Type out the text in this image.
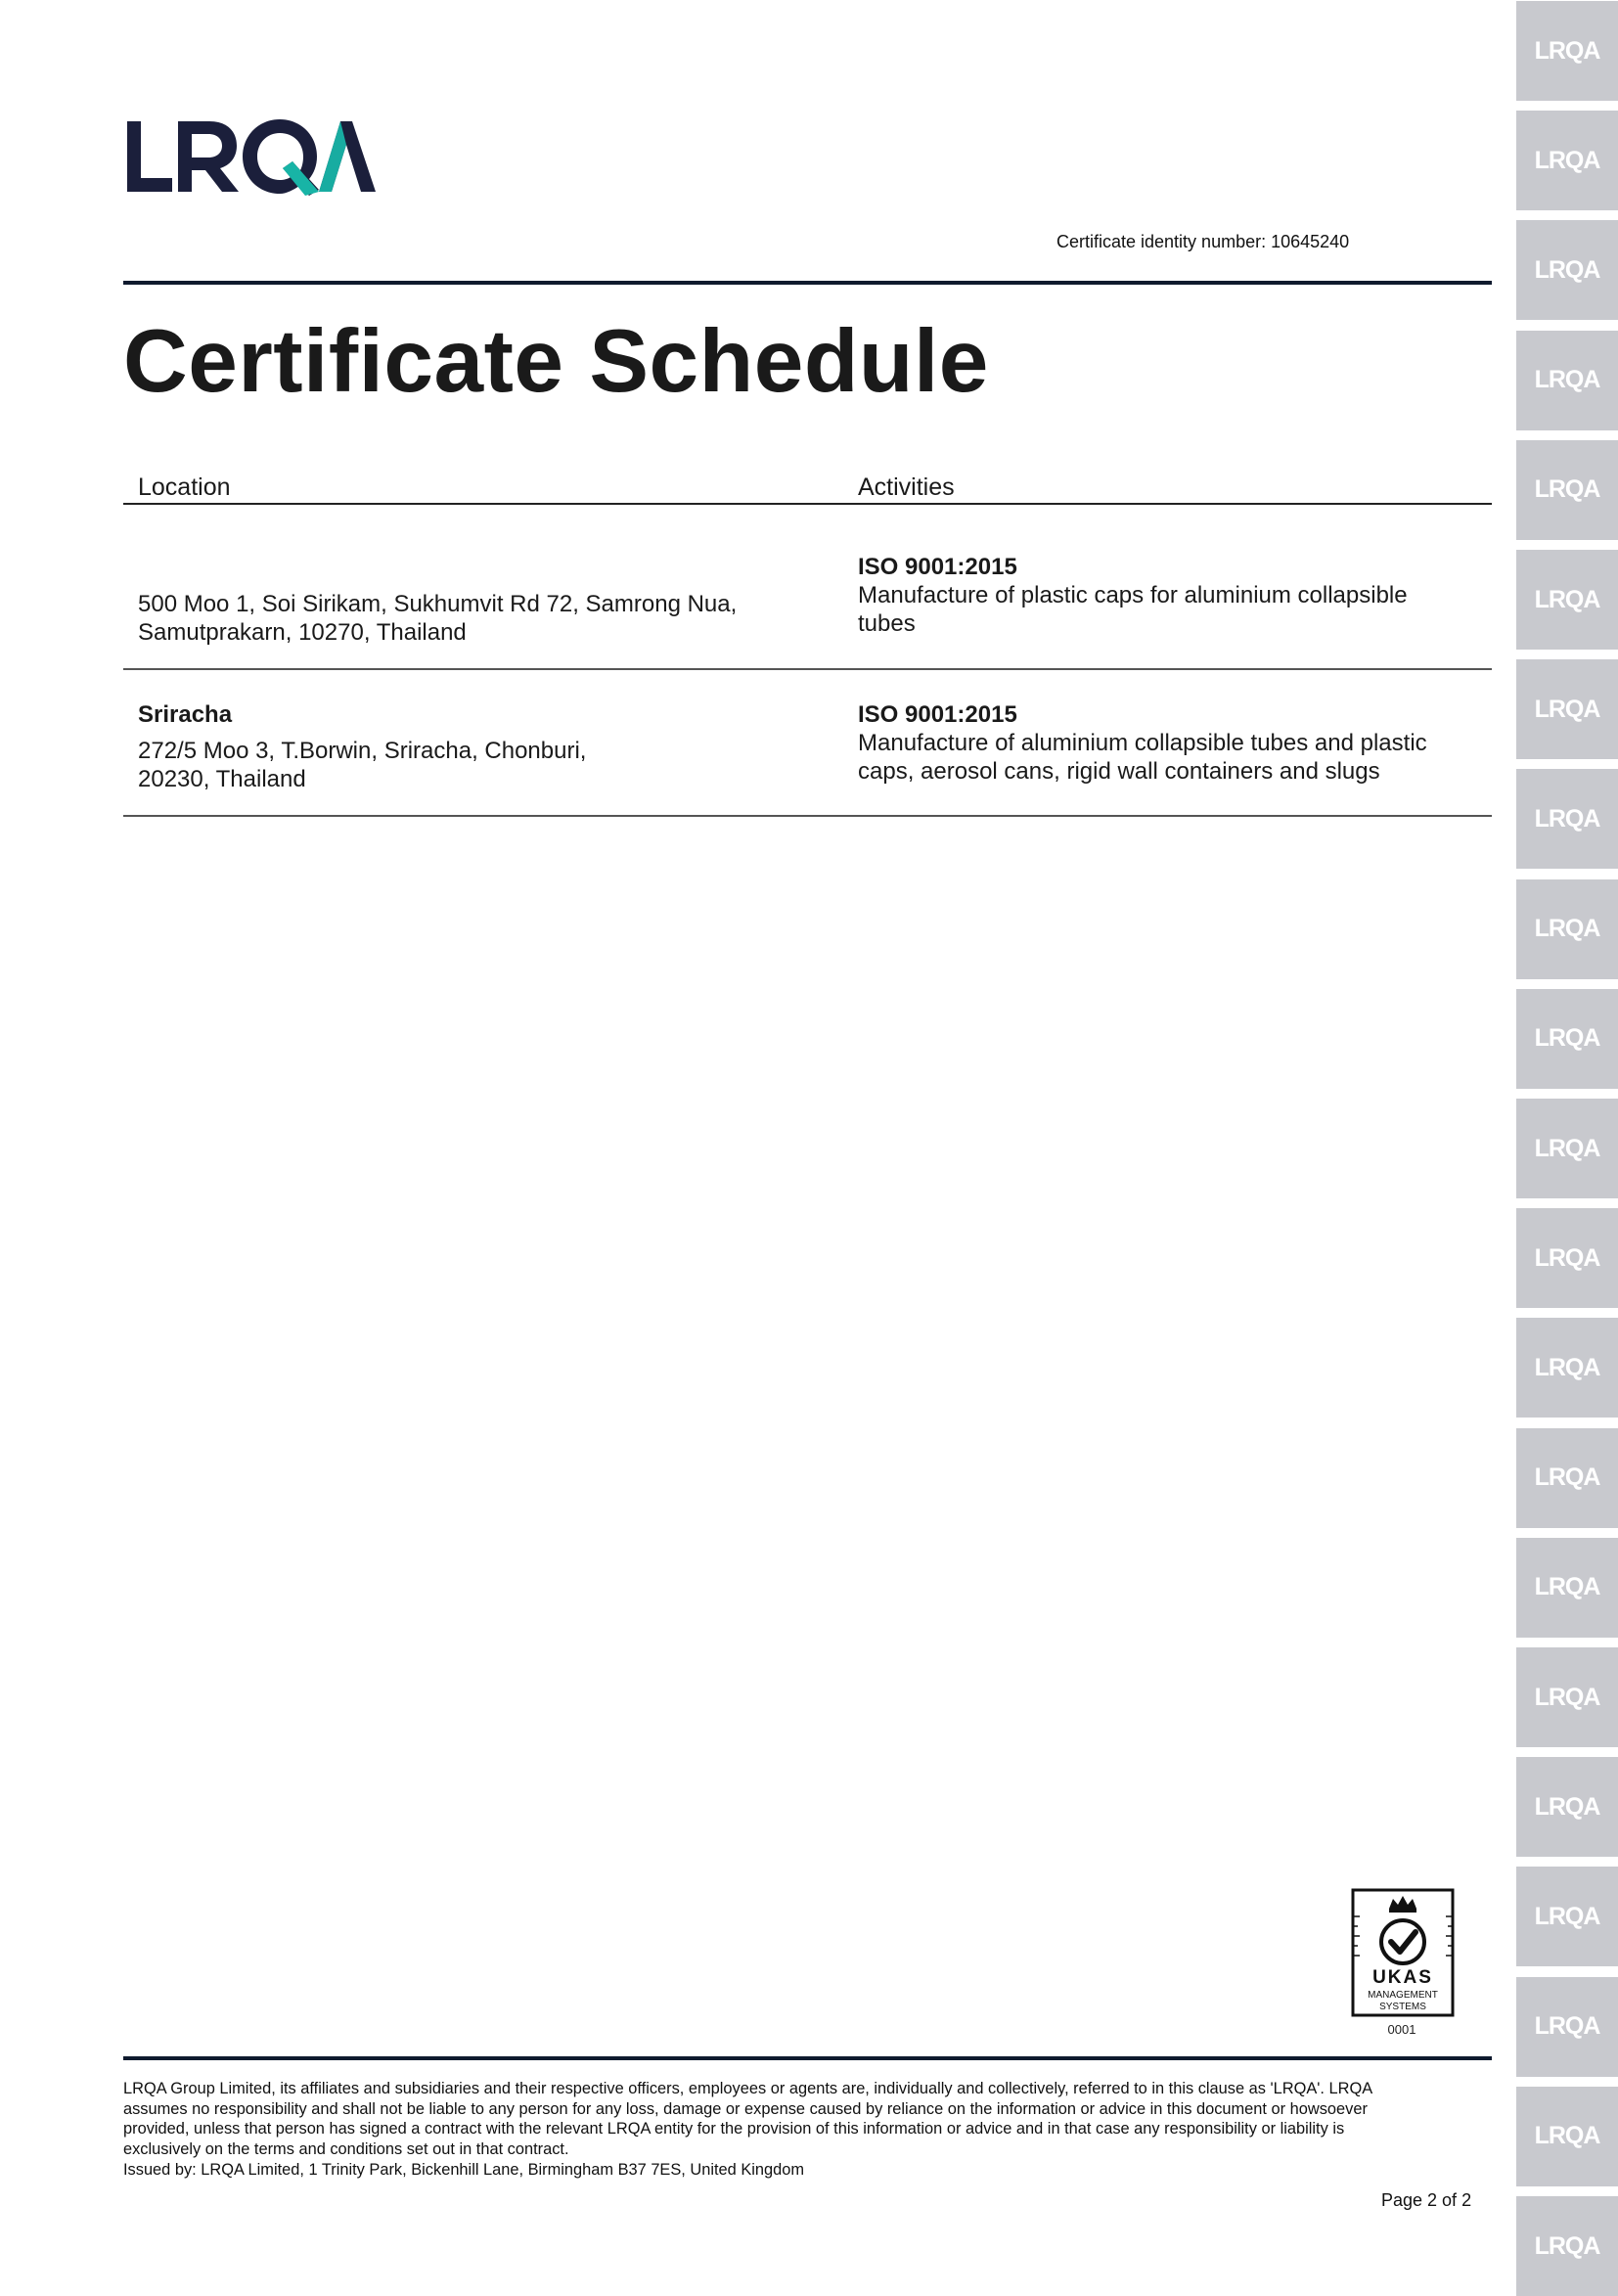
LRQA
LRQA
LRQA
LRQA
LRQA
LRQA
LRQA
LRQA
LRQA
LRQA
LRQA
LRQA
LRQA
LRQA
LRQA
LRQA
LRQA
LRQA
LRQA
LRQA
LRQA
Certificate identity number: 10645240
Certificate Schedule
Location	Activities
500 Moo 1, Soi Sirikam, Sukhumvit Rd 72, Samrong Nua,
Samutprakarn, 10270, Thailand
ISO 9001:2015
Manufacture of plastic caps for aluminium collapsible
tubes
Sriracha
272/5 Moo 3, T.Borwin, Sriracha, Chonburi,
20230, Thailand
ISO 9001:2015
Manufacture of aluminium collapsible tubes and plastic
caps, aerosol cans, rigid wall containers and slugs
UKAS
MANAGEMENT
SYSTEMS
0001
LRQA Group Limited, its affiliates and subsidiaries and their respective officers, employees or agents are, individually and collectively, referred to in this clause as 'LRQA'. LRQA
assumes no responsibility and shall not be liable to any person for any loss, damage or expense caused by reliance on the information or advice in this document or howsoever
provided, unless that person has signed a contract with the relevant LRQA entity for the provision of this information or advice and in that case any responsibility or liability is
exclusively on the terms and conditions set out in that contract.
Issued by: LRQA Limited, 1 Trinity Park, Bickenhill Lane, Birmingham B37 7ES, United Kingdom
Page 2 of 2
